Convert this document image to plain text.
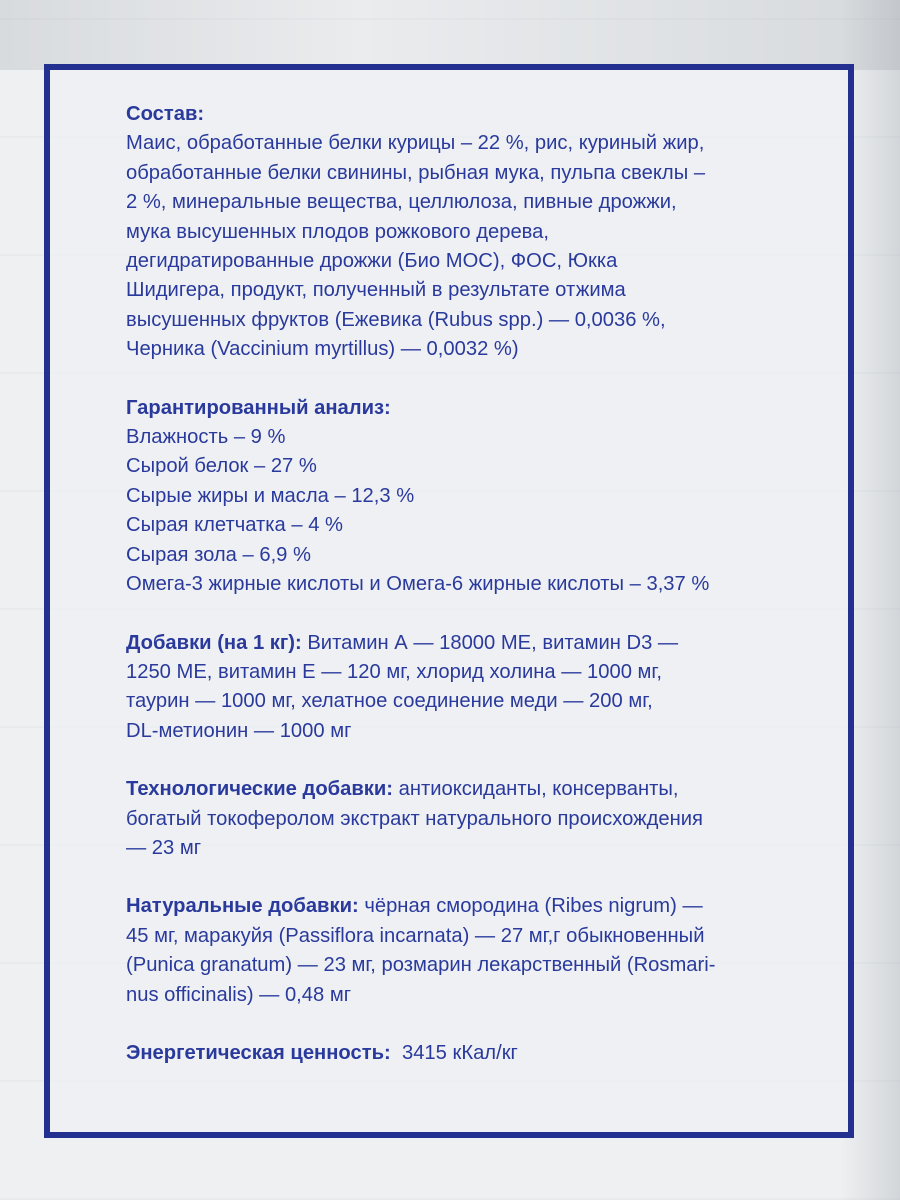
Состав:
Маис, обработанные белки курицы – 22 %, рис, куриный жир,
обработанные белки свинины, рыбная мука, пульпа свеклы –
2 %, минеральные вещества, целлюлоза, пивные дрожжи,
мука высушенных плодов рожкового дерева,
дегидратированные дрожжи (Био МОС), ФОС, Юкка
Шидигера, продукт, полученный в результате отжима
высушенных фруктов (Ежевика (Rubus spp.) — 0,0036 %,
Черника (Vaccinium myrtillus) — 0,0032 %)
Гарантированный анализ:
Влажность – 9 %
Сырой белок – 27 %
Сырые жиры и масла – 12,3 %
Сырая клетчатка – 4 %
Сырая зола – 6,9 %
Омега-3 жирные кислоты и Омега-6 жирные кислоты – 3,37 %
Добавки (на 1 кг): Витамин А — 18000 МЕ, витамин D3 —
1250 МЕ, витамин Е — 120 мг, хлорид холина — 1000 мг,
таурин — 1000 мг, хелатное соединение меди — 200 мг,
DL-метионин — 1000 мг
Технологические добавки: антиоксиданты, консерванты,
богатый токоферолом экстракт натурального происхождения
— 23 мг
Натуральные добавки: чёрная смородина (Ribes nigrum) —
45 мг, маракуйя (Passiflora incarnata) — 27 мг,г обыкновенный
(Punica granatum) — 23 мг, розмарин лекарственный (Rosmari-
nus officinalis) — 0,48 мг
Энергетическая ценность:  3415 кКал/кг
